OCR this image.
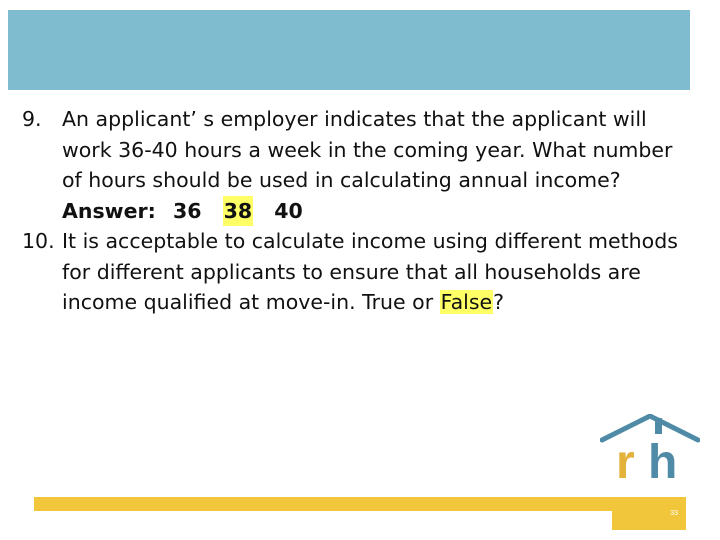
9. An applicant’ s employer indicates that the applicant will work 36-40 hours a week in the coming year. What number of hours should be used in calculating annual income?
Answer: 36 38 40
10. It is acceptable to calculate income using different methods for different applicants to ensure that all households are income qualified at move-in. True or False?
r h
33
